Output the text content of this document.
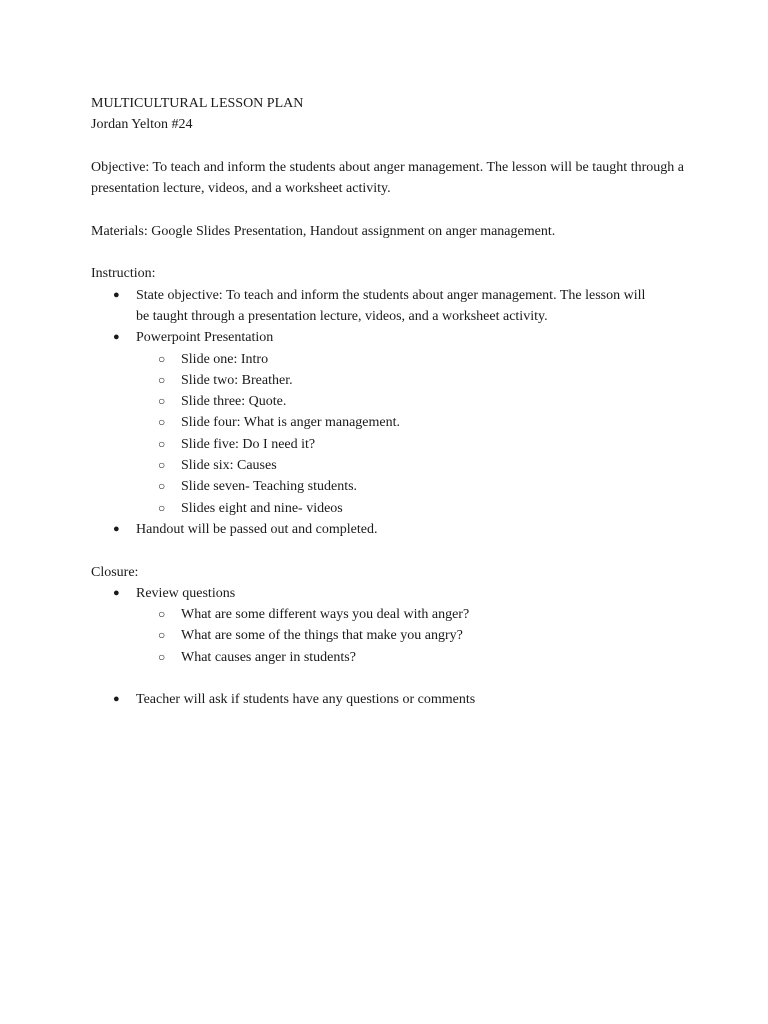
MULTICULTURAL LESSON PLAN
Jordan Yelton #24
Objective: To teach and inform the students about anger management. The lesson will be taught through a presentation lecture, videos, and a worksheet activity.
Materials: Google Slides Presentation, Handout assignment on anger management.
Instruction:
● State objective: To teach and inform the students about anger management. The lesson will be taught through a presentation lecture, videos, and a worksheet activity.
● Powerpoint Presentation
○ Slide one: Intro
○ Slide two: Breather.
○ Slide three: Quote.
○ Slide four: What is anger management.
○ Slide five: Do I need it?
○ Slide six: Causes
○ Slide seven- Teaching students.
○ Slides eight and nine- videos
● Handout will be passed out and completed.
Closure:
● Review questions
○ What are some different ways you deal with anger?
○ What are some of the things that make you angry?
○ What causes anger in students?
● Teacher will ask if students have any questions or comments
